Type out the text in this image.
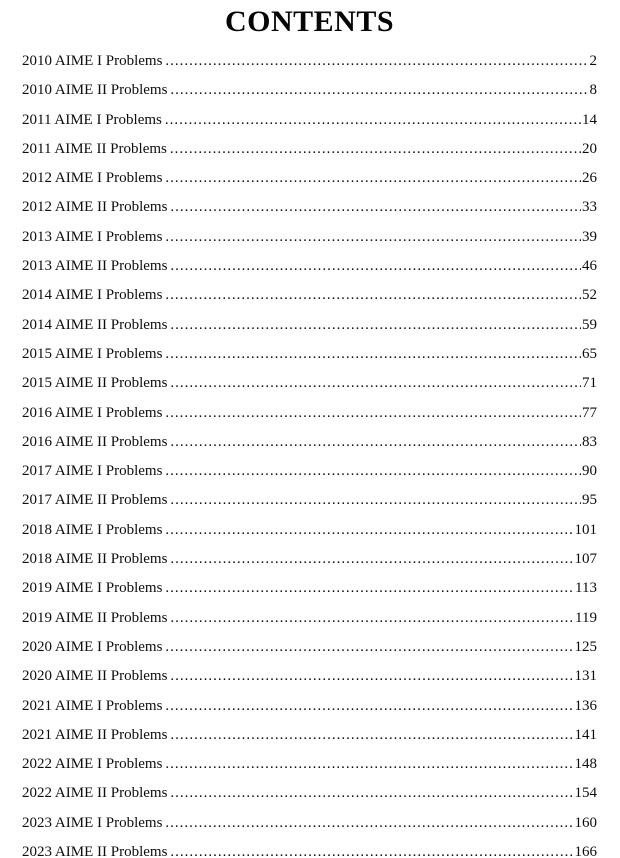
CONTENTS
2010 AIME I Problems .....	2
2010 AIME II Problems .....	8
2011 AIME I Problems .....	14
2011 AIME II Problems .....	20
2012 AIME I Problems .....	26
2012 AIME II Problems .....	33
2013 AIME I Problems .....	39
2013 AIME II Problems .....	46
2014 AIME I Problems .....	52
2014 AIME II Problems .....	59
2015 AIME I Problems .....	65
2015 AIME II Problems .....	71
2016 AIME I Problems .....	77
2016 AIME II Problems .....	83
2017 AIME I Problems .....	90
2017 AIME II Problems .....	95
2018 AIME I Problems .....	101
2018 AIME II Problems .....	107
2019 AIME I Problems .....	113
2019 AIME II Problems .....	119
2020 AIME I Problems .....	125
2020 AIME II Problems .....	131
2021 AIME I Problems .....	136
2021 AIME II Problems .....	141
2022 AIME I Problems .....	148
2022 AIME II Problems .....	154
2023 AIME I Problems .....	160
2023 AIME II Problems .....	166
